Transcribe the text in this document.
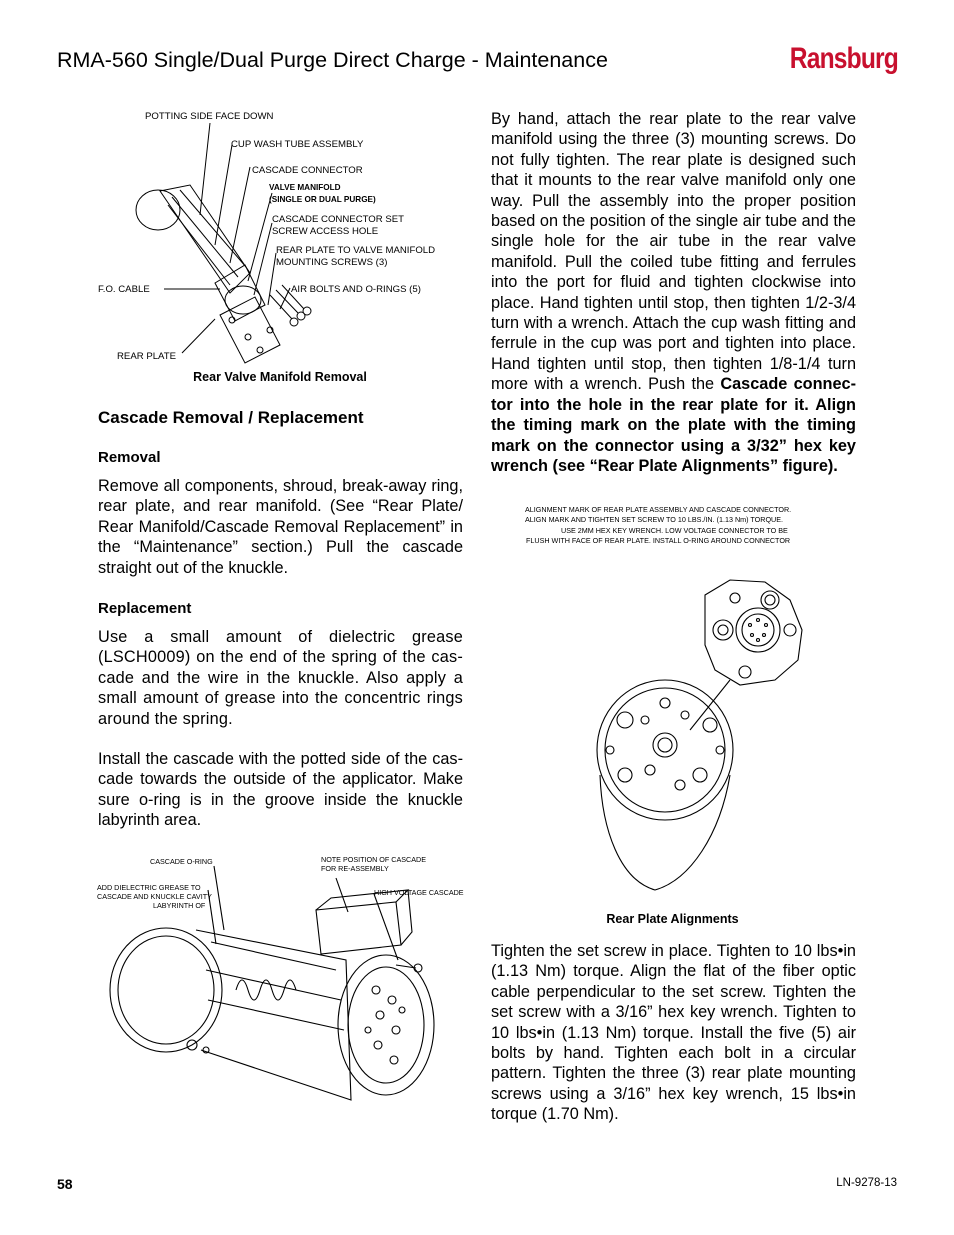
RMA-560 Single/Dual Purge Direct Charge - Maintenance	Ransburg
POTTING SIDE FACE DOWN
CUP WASH TUBE ASSEMBLY
CASCADE CONNECTOR
VALVE MANIFOLD
(SINGLE OR DUAL PURGE)
CASCADE CONNECTOR SET
SCREW ACCESS HOLE
REAR PLATE TO VALVE MANIFOLD
MOUNTING SCREWS (3)
F.O. CABLE	AIR BOLTS AND O-RINGS (5)
REAR PLATE
Rear Valve Manifold Removal
Cascade Removal / Replacement
Removal

Remove all components, shroud, break-away ring, rear plate, and rear manifold. (See “Rear Plate/ Rear Manifold/Cascade Removal Replacement” in the “Maintenance” section.) Pull the cascade straight out of the knuckle.

Replacement

Use a small amount of dielectric grease (LSCH0009) on the end of the spring of the cas-cade and the wire in the knuckle. Also apply a small amount of grease into the concentric rings around the spring.

Install the cascade with the potted side of the cas-cade towards the outside of the applicator. Make sure o-ring is in the groove inside the knuckle labyrinth area.

CASCADE O-RING	NOTE POSITION OF CASCADE
FOR RE-ASSEMBLY
ADD DIELECTRIC GREASE TO
CASCADE AND KNUCKLE CAVITY
LABYRINTH OF
HIGH VOLTAGE CASCADE

By hand, attach the rear plate to the rear valve manifold using the three (3) mounting screws. Do not fully tighten. The rear plate is designed such that it mounts to the rear valve manifold only one way. Pull the assembly into the proper position based on the position of the single air tube and the single hole for the air tube in the rear valve manifold. Pull the coiled tube fitting and ferrules into the port for fluid and tighten clockwise into place. Hand tighten until stop, then tighten 1/2-3/4 turn with a wrench. Attach the cup wash fitting and ferrule in the cup was port and tighten into place. Hand tighten until stop, then tighten 1/8-1/4 turn more with a wrench. Push the Cascade connec-tor into the hole in the rear plate for it. Align the timing mark on the plate with the timing mark on the connector using a 3/32” hex key wrench (see “Rear Plate Alignments” figure).

ALIGNMENT MARK OF REAR PLATE ASSEMBLY AND CASCADE CONNECTOR.
ALIGN MARK AND TIGHTEN SET SCREW TO 10 LBS./IN. (1.13 Nm) TORQUE.
USE 2MM HEX KEY WRENCH. LOW VOLTAGE CONNECTOR TO BE
FLUSH WITH FACE OF REAR PLATE. INSTALL O-RING AROUND CONNECTOR
Rear Plate Alignments

Tighten the set screw in place. Tighten to 10 lbs•in (1.13 Nm) torque. Align the flat of the fiber optic cable perpendicular to the set screw. Tighten the set screw with a 3/16” hex key wrench. Tighten to 10 lbs•in (1.13 Nm) torque. Install the five (5) air bolts by hand. Tighten each bolt in a circular pattern. Tighten the three (3) rear plate mounting screws using a 3/16” hex key wrench, 15 lbs•in torque (1.70 Nm).

58	LN-9278-13
